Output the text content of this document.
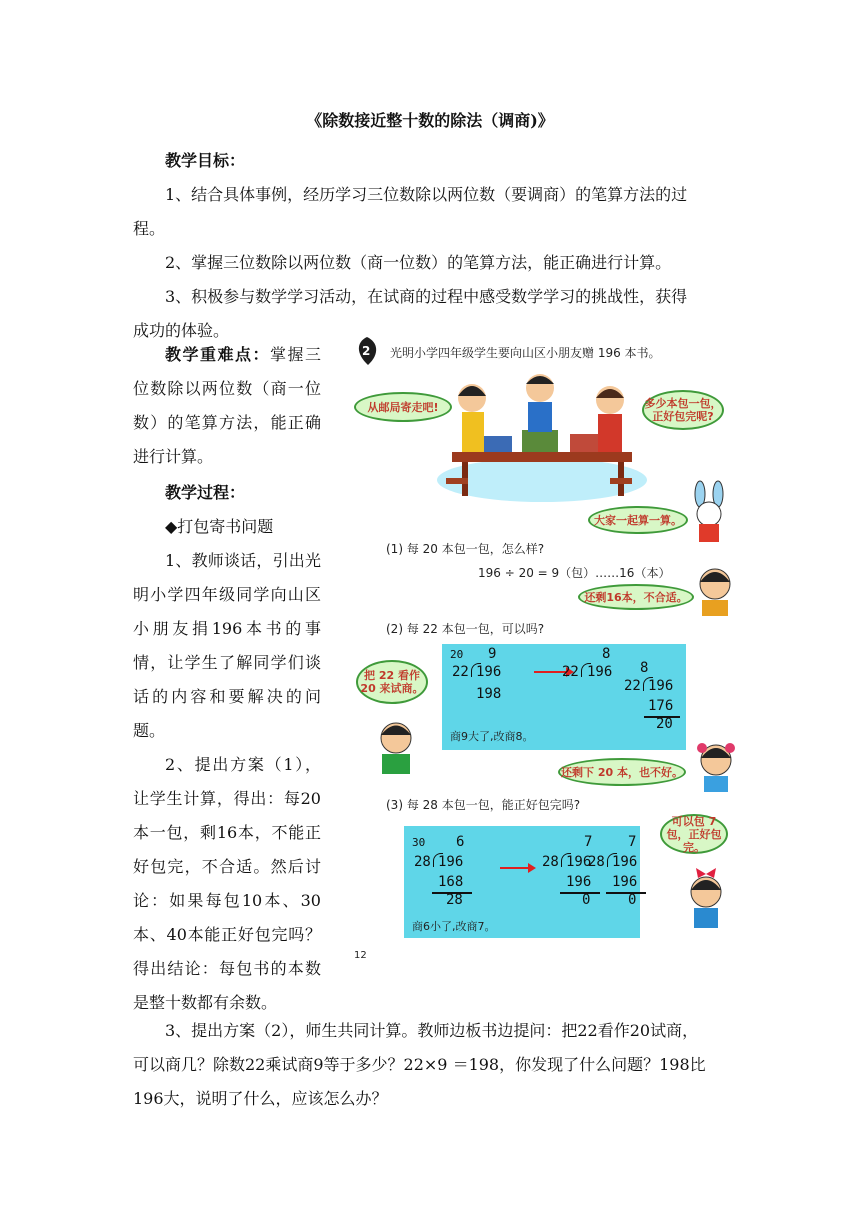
《除数接近整十数的除法（调商)》
教学目标：
1、结合具体事例，经历学习三位数除以两位数（要调商）的笔算方法的过
程。
2、掌握三位数除以两位数（商一位数）的笔算方法，能正确进行计算。
3、积极参与数学学习活动，在试商的过程中感受数学学习的挑战性，获得
成功的体验。

教学重难点：掌握三位数除以两位数（商一位数）的笔算方法，能正确进行计算。

教学过程：

◆打包寄书问题

1、教师谈话，引出光明小学四年级同学向山区小朋友捐196本书的事情，让学生了解同学们谈话的内容和要解决的问题。

2、提出方案（1），让学生计算，得出：每20本一包，剩16本，不能正好包完，不合适。然后讨论：如果每包10本、30本、40本能正好包完吗？得出结论：每包书的本数是整十数都有余数。

3、提出方案（2），师生共同计算。教师边板书边提问：把22看作20试商，
可以商几？除数22乘试商9等于多少？22×9 ＝198，你发现了什么问题？198比
196大，说明了什么，应该怎么办？
2 光明小学四年级学生要向山区小朋友赠 196 本书。
从邮局寄走吧!	多少本包一包，正好包完呢?
大家一起算一算。
(1) 每 20 本包一包，怎么样?
196 ÷ 20 = 9（包）……16（本）
还剩16本，不合适。
(2) 每 22 本包一包，可以吗?
把 22 看作 20 来试商。
20 9
22 196
198
8
22 196
商9大了,改商8。
8
22 196
176
20
还剩下 20 本，也不好。
(3) 每 28 本包一包，能正好包完吗?
30 6
28 196
168
28
7
28 196
196
0
商6小了,改商7。
7
28 196
196
0
可以包 7 包，正好包完。
12
